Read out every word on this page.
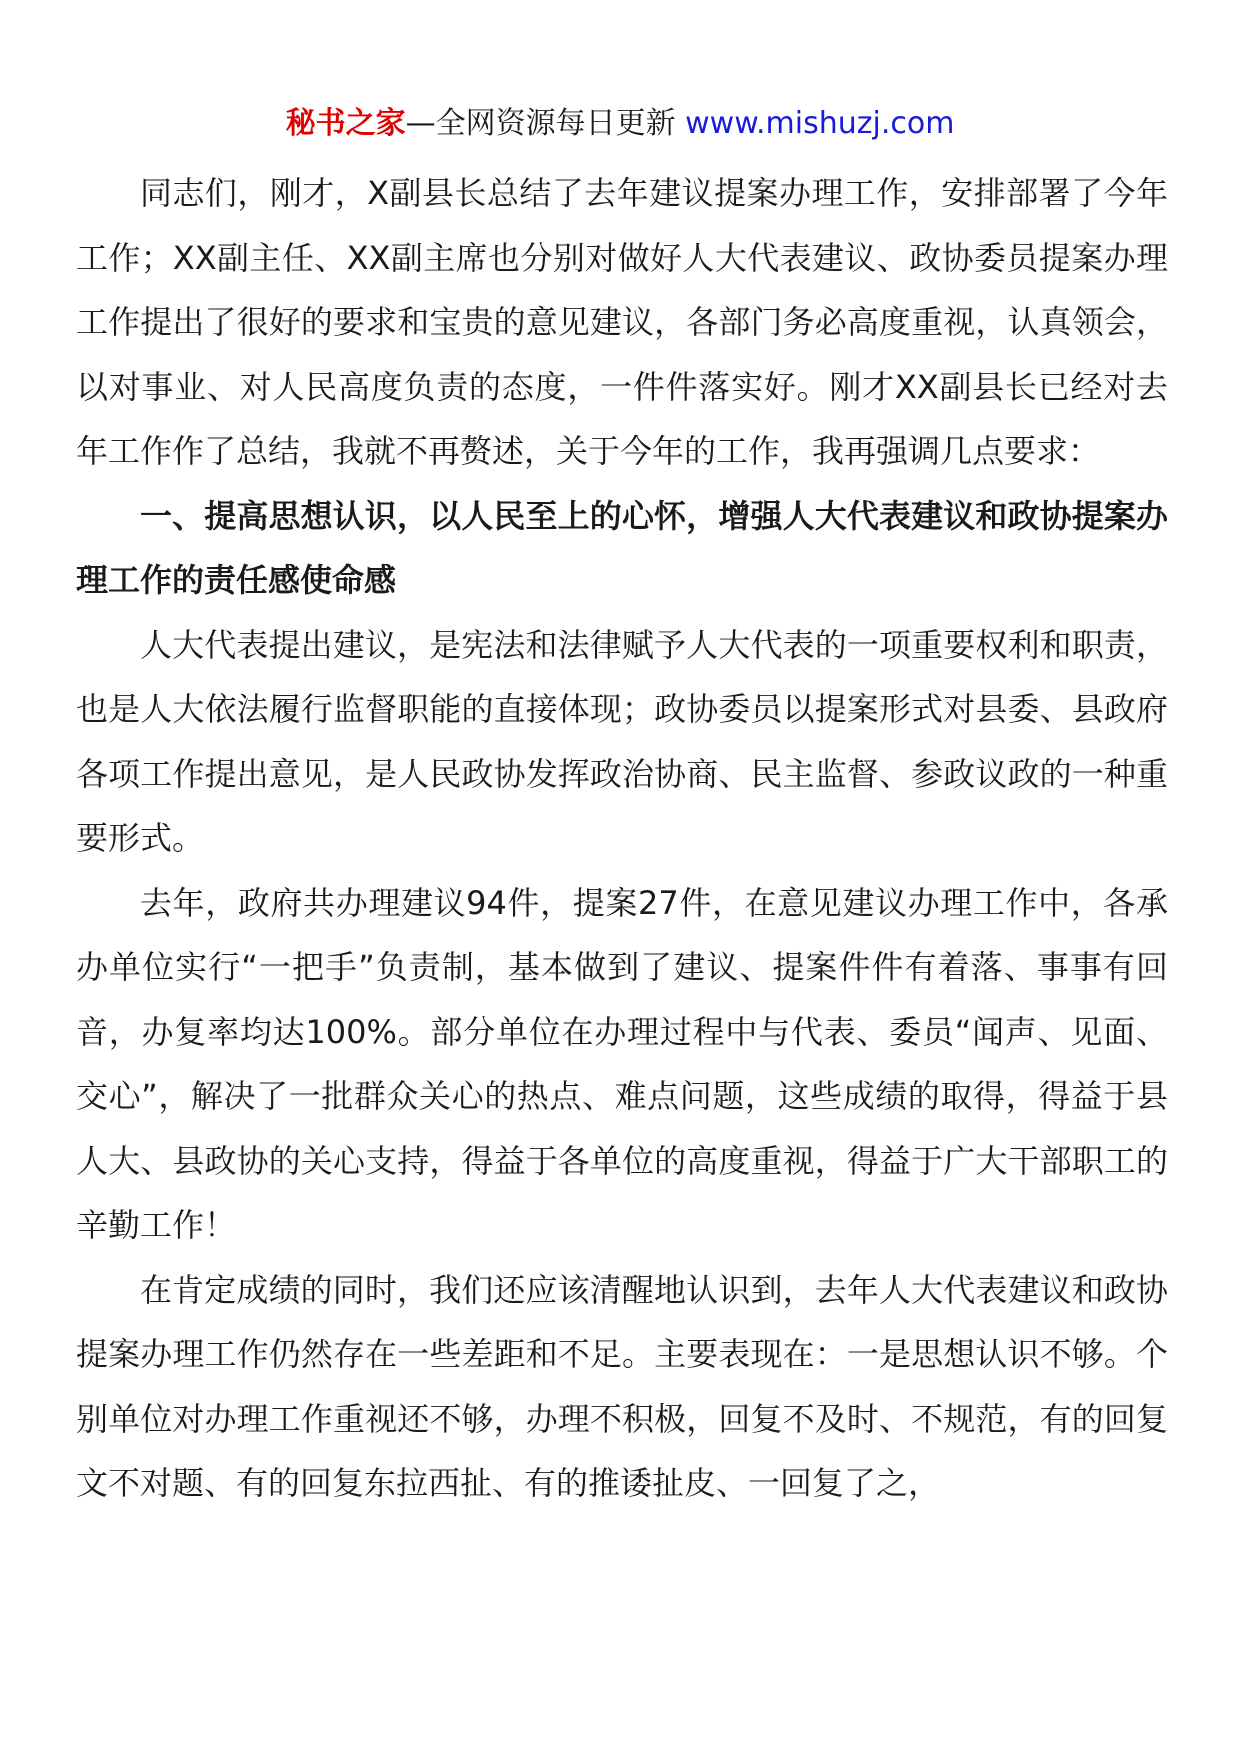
秘书之家—全网资源每日更新 www.mishuzj.com

同志们，刚才，X副县长总结了去年建议提案办理工作，安排部署了今年工作；XX副主任、XX副主席也分别对做好人大代表建议、政协委员提案办理工作提出了很好的要求和宝贵的意见建议，各部门务必高度重视，认真领会，以对事业、对人民高度负责的态度，一件件落实好。刚才XX副县长已经对去年工作作了总结，我就不再赘述，关于今年的工作，我再强调几点要求：

一、提高思想认识，以人民至上的心怀，增强人大代表建议和政协提案办理工作的责任感使命感

人大代表提出建议，是宪法和法律赋予人大代表的一项重要权利和职责，也是人大依法履行监督职能的直接体现；政协委员以提案形式对县委、县政府各项工作提出意见，是人民政协发挥政治协商、民主监督、参政议政的一种重要形式。

去年，政府共办理建议94件，提案27件，在意见建议办理工作中，各承办单位实行“一把手”负责制，基本做到了建议、提案件件有着落、事事有回音，办复率均达100%。部分单位在办理过程中与代表、委员“闻声、见面、交心”，解决了一批群众关心的热点、难点问题，这些成绩的取得，得益于县人大、县政协的关心支持，得益于各单位的高度重视，得益于广大干部职工的辛勤工作！

在肯定成绩的同时，我们还应该清醒地认识到，去年人大代表建议和政协提案办理工作仍然存在一些差距和不足。主要表现在：一是思想认识不够。个别单位对办理工作重视还不够，办理不积极，回复不及时、不规范，有的回复文不对题、有的回复东拉西扯、有的推诿扯皮、一回复了之，
